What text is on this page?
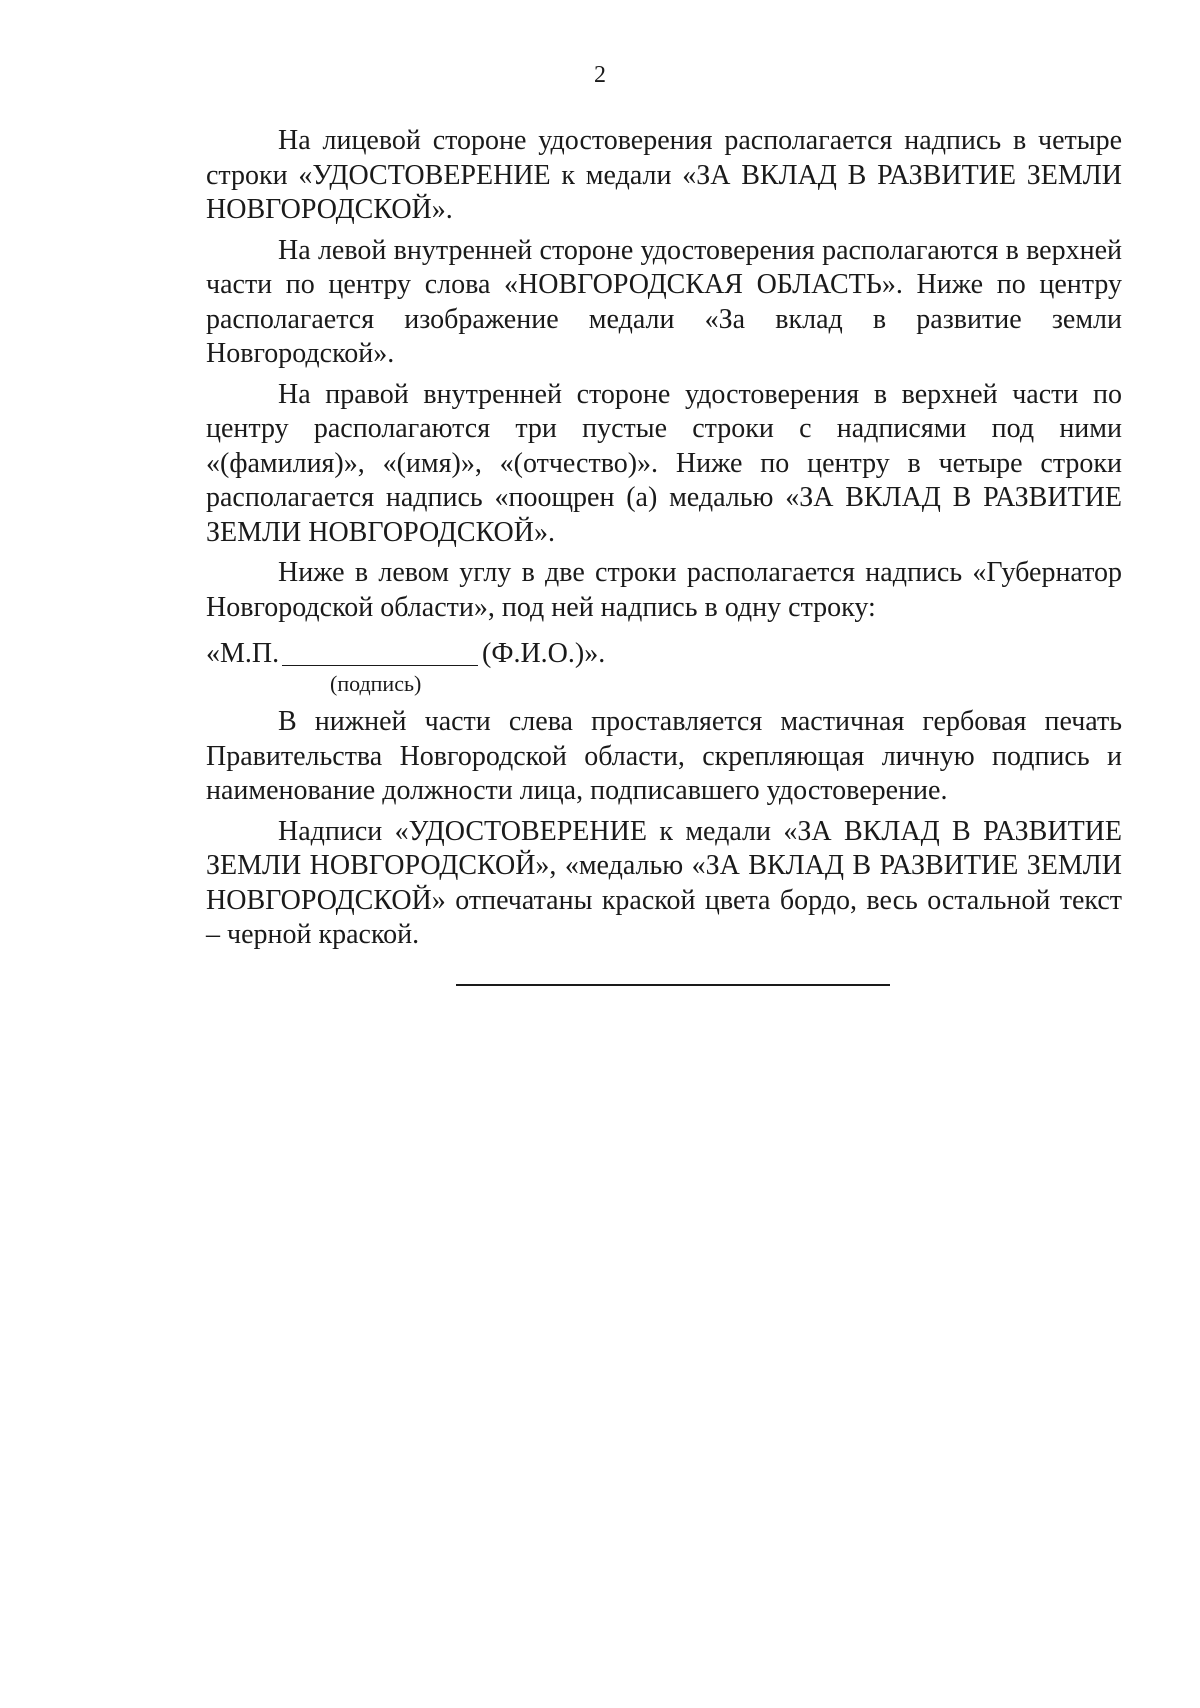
2

На лицевой стороне удостоверения располагается надпись в четыре строки «УДОСТОВЕРЕНИЕ к медали «ЗА ВКЛАД В РАЗВИТИЕ ЗЕМЛИ НОВГОРОДСКОЙ».

На левой внутренней стороне удостоверения располагаются в верхней части по центру слова «НОВГОРОДСКАЯ ОБЛАСТЬ». Ниже по центру располагается изображение медали «За вклад в развитие земли Новгородской».

На правой внутренней стороне удостоверения в верхней части по центру располагаются три пустые строки с надписями под ними «(фамилия)», «(имя)», «(отчество)». Ниже по центру в четыре строки располагается надпись «поощрен (а) медалью «ЗА ВКЛАД В РАЗВИТИЕ ЗЕМЛИ НОВГОРОДСКОЙ».

Ниже в левом углу в две строки располагается надпись «Губернатор Новгородской области», под ней надпись в одну строку:

«М.П.	(Ф.И.О.)».
(подпись)

В нижней части слева проставляется мастичная гербовая печать Правительства Новгородской области, скрепляющая личную подпись и наименование должности лица, подписавшего удостоверение.

Надписи «УДОСТОВЕРЕНИЕ к медали «ЗА ВКЛАД В РАЗВИТИЕ ЗЕМЛИ НОВГОРОДСКОЙ», «медалью «ЗА ВКЛАД В РАЗВИТИЕ ЗЕМЛИ НОВГОРОДСКОЙ» отпечатаны краской цвета бордо, весь остальной текст – черной краской.
